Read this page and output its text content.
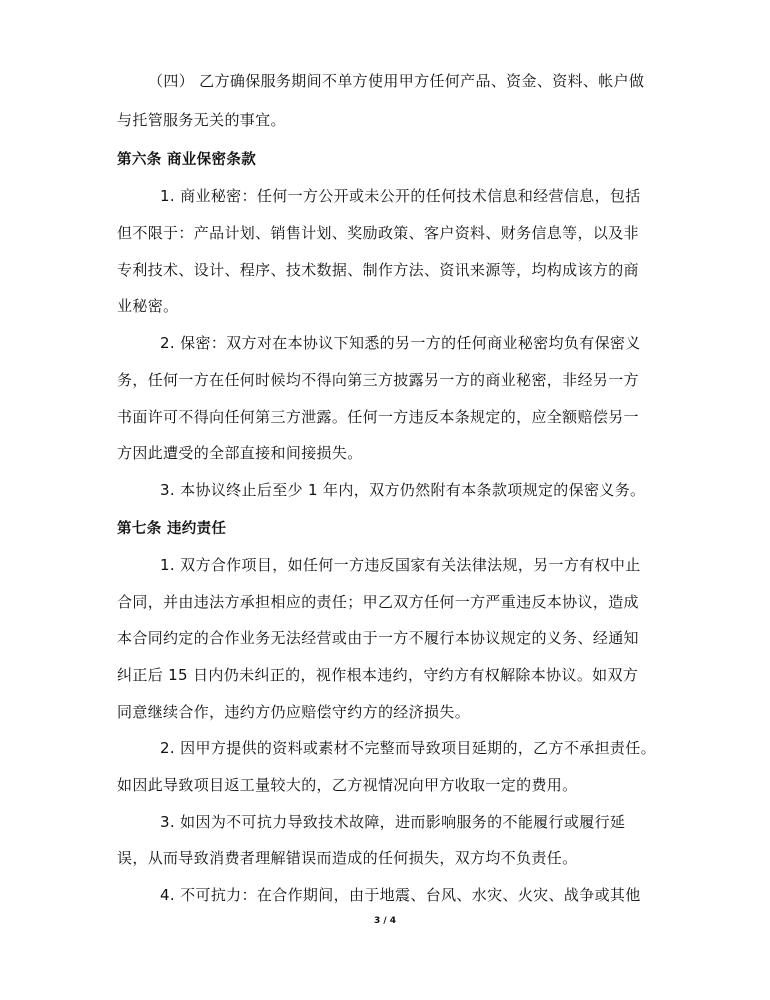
（四） 乙方确保服务期间不单方使用甲方任何产品、资金、资料、帐户做
与托管服务无关的事宜。
第六条 商业保密条款
1. 商业秘密：任何一方公开或未公开的任何技术信息和经营信息，包括
但不限于：产品计划、销售计划、奖励政策、客户资料、财务信息等，以及非
专利技术、设计、程序、技术数据、制作方法、资讯来源等，均构成该方的商
业秘密。
2. 保密：双方对在本协议下知悉的另一方的任何商业秘密均负有保密义
务，任何一方在任何时候均不得向第三方披露另一方的商业秘密，非经另一方
书面许可不得向任何第三方泄露。任何一方违反本条规定的，应全额赔偿另一
方因此遭受的全部直接和间接损失。
3. 本协议终止后至少 1 年内，双方仍然附有本条款项规定的保密义务。
第七条 违约责任
1. 双方合作项目，如任何一方违反国家有关法律法规，另一方有权中止
合同，并由违法方承担相应的责任；甲乙双方任何一方严重违反本协议，造成
本合同约定的合作业务无法经营或由于一方不履行本协议规定的义务、经通知
纠正后 15 日内仍未纠正的，视作根本违约，守约方有权解除本协议。如双方
同意继续合作，违约方仍应赔偿守约方的经济损失。
2. 因甲方提供的资料或素材不完整而导致项目延期的，乙方不承担责任。
如因此导致项目返工量较大的，乙方视情况向甲方收取一定的费用。
3. 如因为不可抗力导致技术故障，进而影响服务的不能履行或履行延
误，从而导致消费者理解错误而造成的任何损失，双方均不负责任。
4. 不可抗力：在合作期间，由于地震、台风、水灾、火灾、战争或其他
3 / 4
